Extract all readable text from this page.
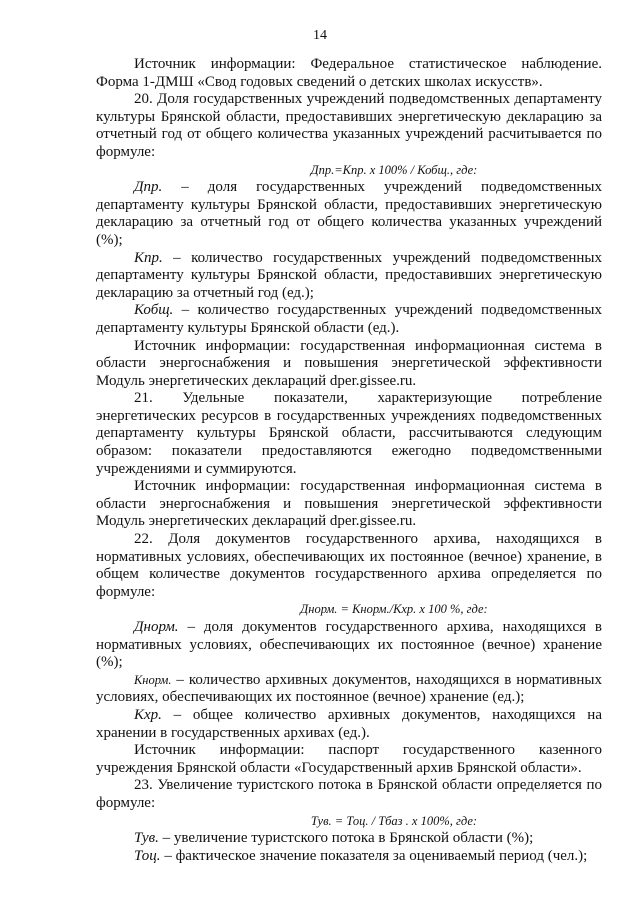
14

Источник информации: Федеральное статистическое наблюдение. Форма 1-ДМШ «Свод годовых сведений о детских школах искусств».

20. Доля государственных учреждений подведомственных департаменту культуры Брянской области, предоставивших энергетическую декларацию за отчетный год от общего количества указанных учреждений расчитывается по формуле:

Дпр.=Кпр. х 100% / Кобщ., где:

Дпр. – доля государственных учреждений подведомственных департаменту культуры Брянской области, предоставивших энергетическую декларацию за отчетный год от общего количества указанных учреждений (%);

Кпр. – количество государственных учреждений подведомственных департаменту культуры Брянской области, предоставивших энергетическую декларацию за отчетный год (ед.);

Кобщ. – количество государственных учреждений подведомственных департаменту культуры Брянской области (ед.).

Источник информации: государственная информационная система в области энергоснабжения и повышения энергетической эффективности Модуль энергетических деклараций dper.gissee.ru.

21. Удельные показатели, характеризующие потребление энергетических ресурсов в государственных учреждениях подведомственных департаменту культуры Брянской области, рассчитываются следующим образом: показатели предоставляются ежегодно подведомственными учреждениями и суммируются.

Источник информации: государственная информационная система в области энергоснабжения и повышения энергетической эффективности Модуль энергетических деклараций dper.gissee.ru.

22. Доля документов государственного архива, находящихся в нормативных условиях, обеспечивающих их постоянное (вечное) хранение, в общем количестве документов государственного архива определяется по формуле:

Днорм. = Кнорм./Кхр. х 100 %, где:

Днорм. – доля документов государственного архива, находящихся в нормативных условиях, обеспечивающих их постоянное (вечное) хранение (%);

Кнорм. – количество архивных документов, находящихся в нормативных условиях, обеспечивающих их постоянное (вечное) хранение (ед.);

Кхр. – общее количество архивных документов, находящихся на хранении в государственных архивах (ед.).

Источник информации: паспорт государственного казенного учреждения Брянской области «Государственный архив Брянской области».

23. Увеличение туристского потока в Брянской области определяется по формуле:

Тув. = Тоц. / Тбаз . х 100%, где:

Тув. – увеличение туристского потока в Брянской области (%);

Тоц. – фактическое значение показателя за оцениваемый период (чел.);
